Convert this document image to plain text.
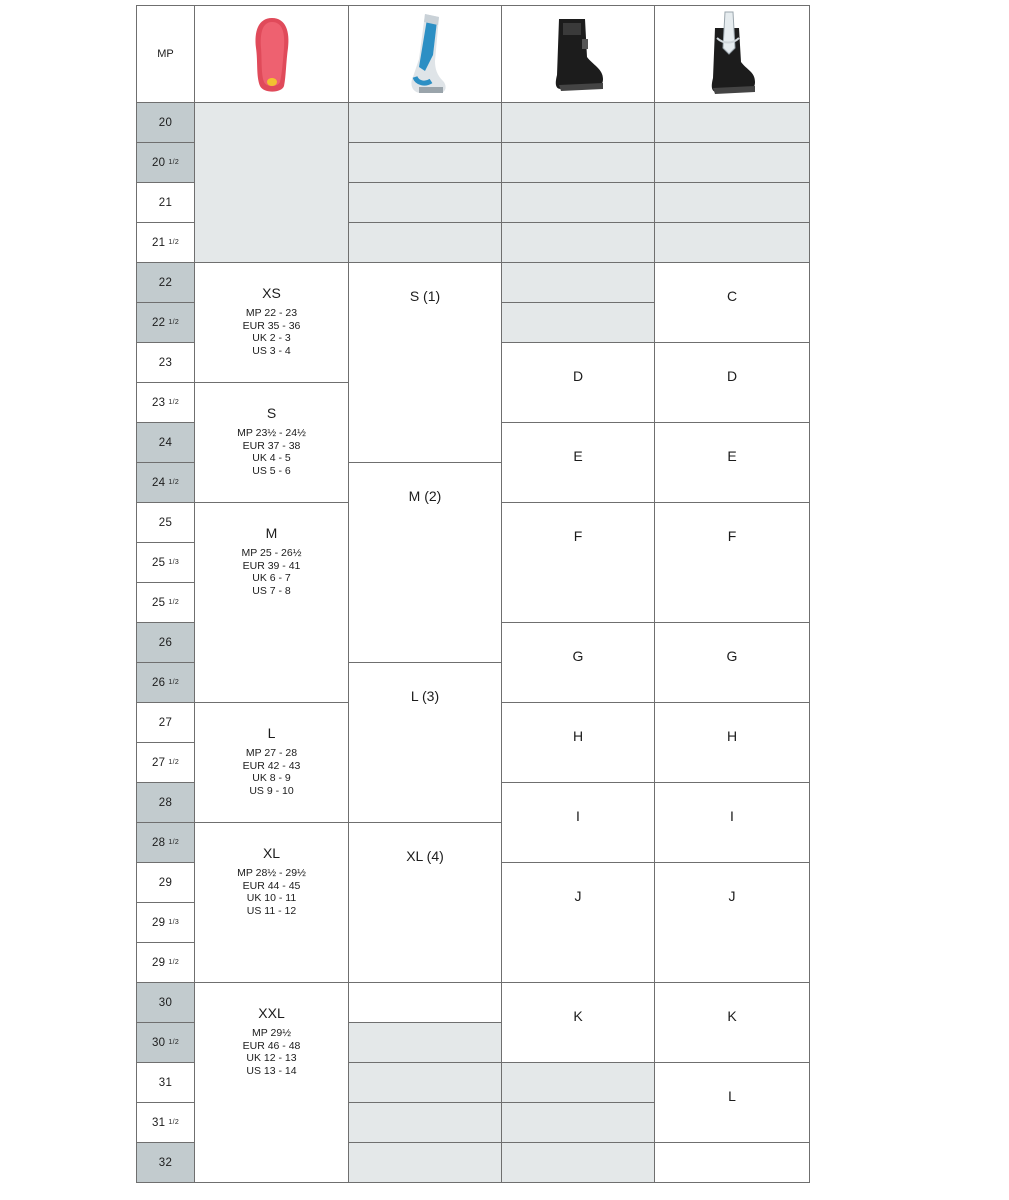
MP
20
20 1/2
21
21 1/2
22
22 1/2
23
23 1/2
24
24 1/2
25
25 1/3
25 1/2
26
26 1/2
27
27 1/2
28
28 1/2
29
29 1/3
29 1/2
30
30 1/2
31
31 1/2
32
XS
MP 22 - 23
EUR 35 - 36
UK 2 - 3
US 3 - 4
S
MP 23½ - 24½
EUR 37 - 38
UK 4 - 5
US 5 - 6
M
MP 25 - 26½
EUR 39 - 41
UK 6 - 7
US 7 - 8
L
MP 27 - 28
EUR 42 - 43
UK 8 - 9
US 9 - 10
XL
MP 28½ - 29½
EUR 44 - 45
UK 10 - 11
US 11 - 12
XXL
MP 29½
EUR 46 - 48
UK 12 - 13
US 13 - 14
S (1)
M (2)
L (3)
XL (4)
D
E
F
G
H
I
J
K
C
D
E
F
G
H
I
J
K
L
